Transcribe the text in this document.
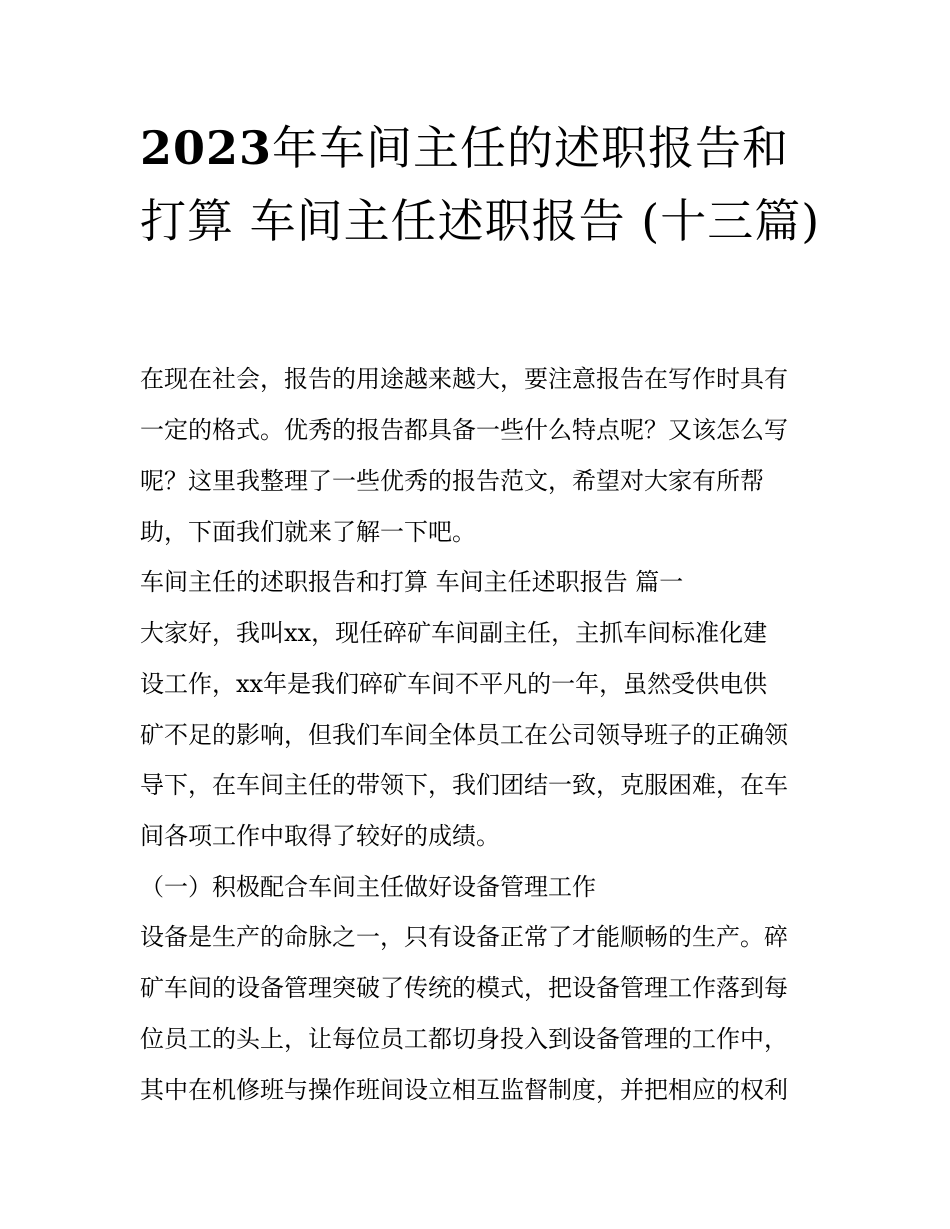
2023年车间主任的述职报告和打算 车间主任述职报告 (十三篇)

在现在社会，报告的用途越来越大，要注意报告在写作时具有

一定的格式。优秀的报告都具备一些什么特点呢？又该怎么写

呢？这里我整理了一些优秀的报告范文，希望对大家有所帮

助，下面我们就来了解一下吧。

车间主任的述职报告和打算 车间主任述职报告 篇一

大家好，我叫xx，现任碎矿车间副主任，主抓车间标准化建

设工作，xx年是我们碎矿车间不平凡的一年，虽然受供电供

矿不足的影响，但我们车间全体员工在公司领导班子的正确领

导下，在车间主任的带领下，我们团结一致，克服困难，在车

间各项工作中取得了较好的成绩。

（一）积极配合车间主任做好设备管理工作

设备是生产的命脉之一，只有设备正常了才能顺畅的生产。碎

矿车间的设备管理突破了传统的模式，把设备管理工作落到每

位员工的头上，让每位员工都切身投入到设备管理的工作中，

其中在机修班与操作班间设立相互监督制度，并把相应的权利
